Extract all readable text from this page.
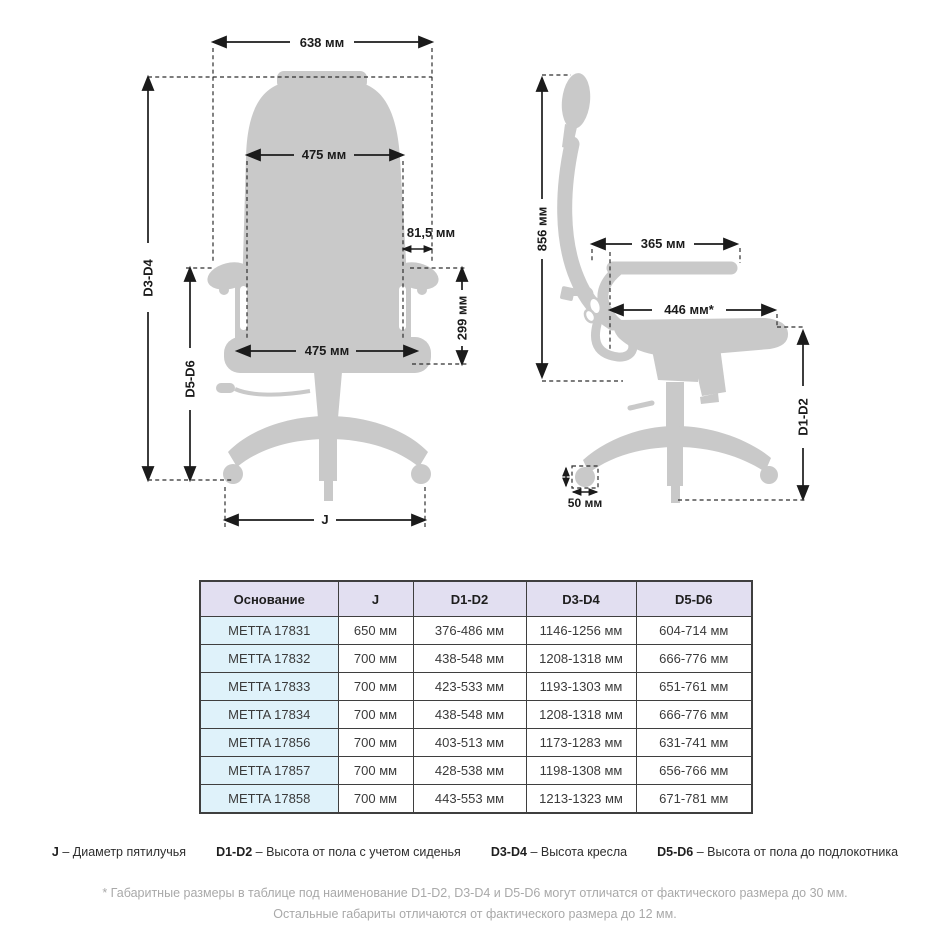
638 мм
D3-D4
475 мм
81,5 мм
D5-D6
299 мм
475 мм
J
856 мм	365 мм
446 мм*
D1-D2
50 мм
Основание	J	D1-D2	D3-D4	D5-D6
METTA 17831	650 мм	376-486 мм	1146-1256 мм	604-714 мм
METTA 17832	700 мм	438-548 мм	1208-1318 мм	666-776 мм
METTA 17833	700 мм	423-533 мм	1193-1303 мм	651-761 мм
METTA 17834	700 мм	438-548 мм	1208-1318 мм	666-776 мм
METTA 17856	700 мм	403-513 мм	1173-1283 мм	631-741 мм
METTA 17857	700 мм	428-538 мм	1198-1308 мм	656-766 мм
METTA 17858	700 мм	443-553 мм	1213-1323 мм	671-781 мм
J – Диаметр пятилучья D1-D2 – Высота от пола с учетом сиденья D3-D4 – Высота кресла D5-D6 – Высота от пола до подлокотника
* Габаритные размеры в таблице под наименование D1-D2, D3-D4 и D5-D6 могут отличатся от фактического размера до 30 мм.
Остальные габариты отличаются от фактического размера до 12 мм.
